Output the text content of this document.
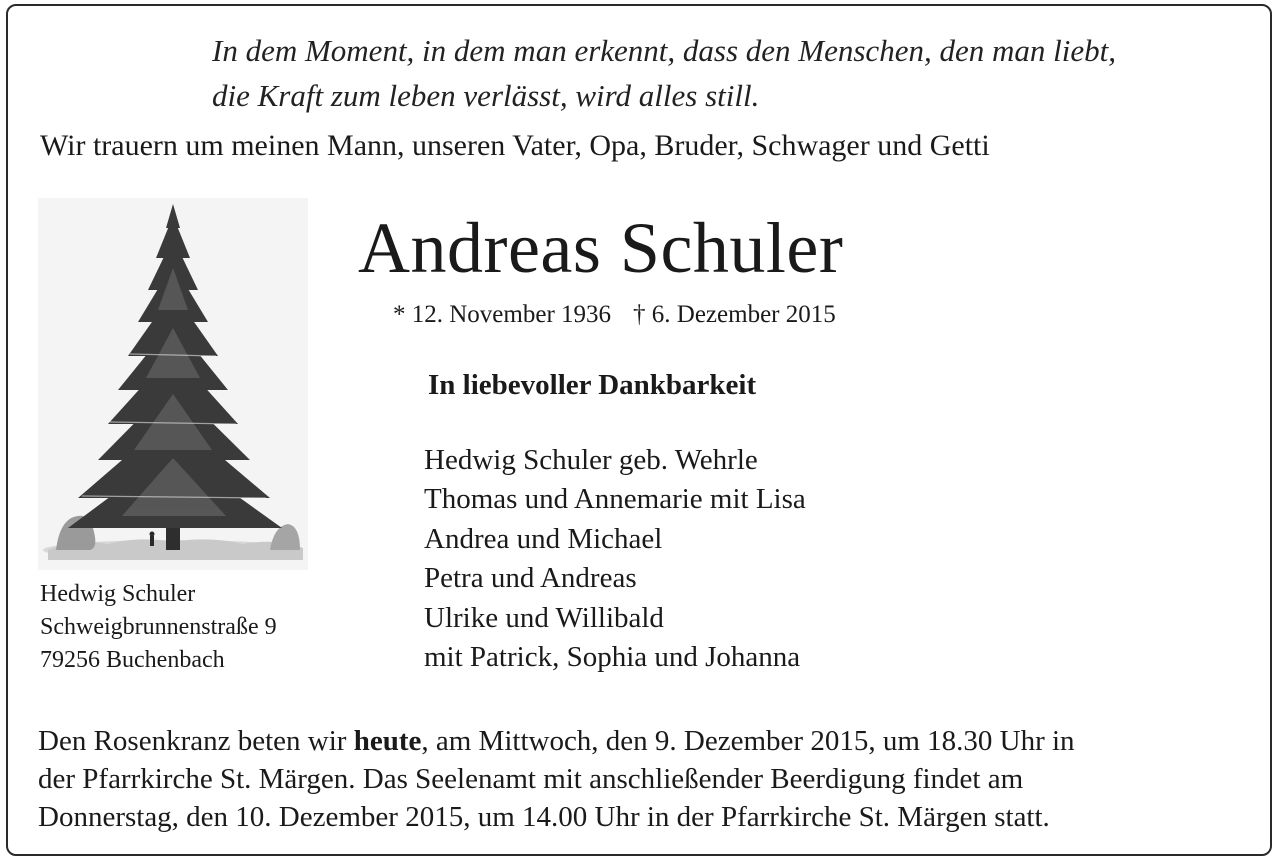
In dem Moment, in dem man erkennt, dass den Menschen, den man liebt,
die Kraft zum leben verlässt, wird alles still.
Wir trauern um meinen Mann, unseren Vater, Opa, Bruder, Schwager und Getti
Andreas Schuler
* 12. November 1936 † 6. Dezember 2015
In liebevoller Dankbarkeit
Hedwig Schuler geb. Wehrle
Thomas und Annemarie mit Lisa
Andrea und Michael
Petra und Andreas
Ulrike und Willibald
mit Patrick, Sophia und Johanna
Hedwig Schuler
Schweigbrunnenstraße 9
79256 Buchenbach
Den Rosenkranz beten wir heute, am Mittwoch, den 9. Dezember 2015, um 18.30 Uhr in
der Pfarrkirche St. Märgen. Das Seelenamt mit anschließender Beerdigung findet am
Donnerstag, den 10. Dezember 2015, um 14.00 Uhr in der Pfarrkirche St. Märgen statt.
